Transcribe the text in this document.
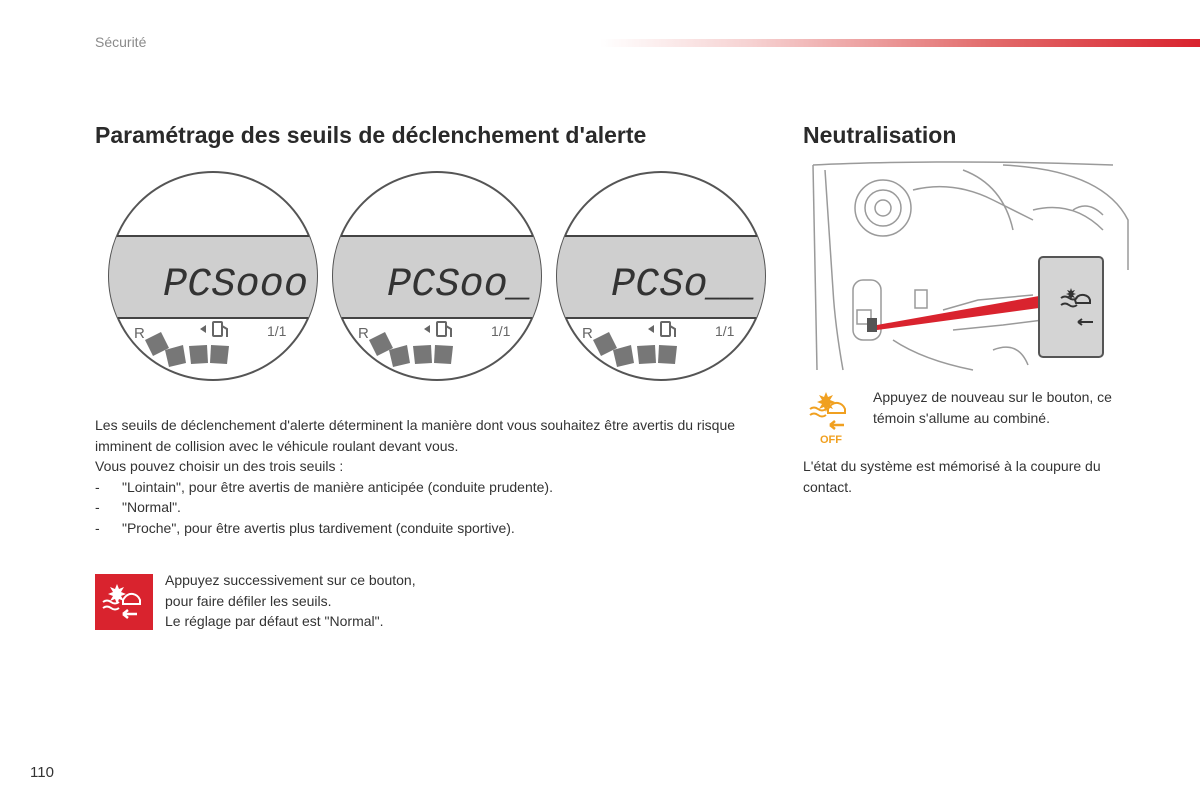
Sécurité
Paramétrage des seuils de déclenchement d'alerte	Neutralisation
PCSooo
R	1/1
PCSoo_
R	1/1
PCSo__
R	1/1
Les seuils de déclenchement d'alerte déterminent la manière dont vous souhaitez être avertis du risque imminent de collision avec le véhicule roulant devant vous.
Vous pouvez choisir un des trois seuils :
- "Lointain", pour être avertis de manière anticipée (conduite prudente).
- "Normal".
- "Proche", pour être avertis plus tardivement (conduite sportive).
Appuyez successivement sur ce bouton, pour faire défiler les seuils.
Le réglage par défaut est "Normal".
OFF
Appuyez de nouveau sur le bouton, ce témoin s'allume au combiné.
L'état du système est mémorisé à la coupure du contact.
110
